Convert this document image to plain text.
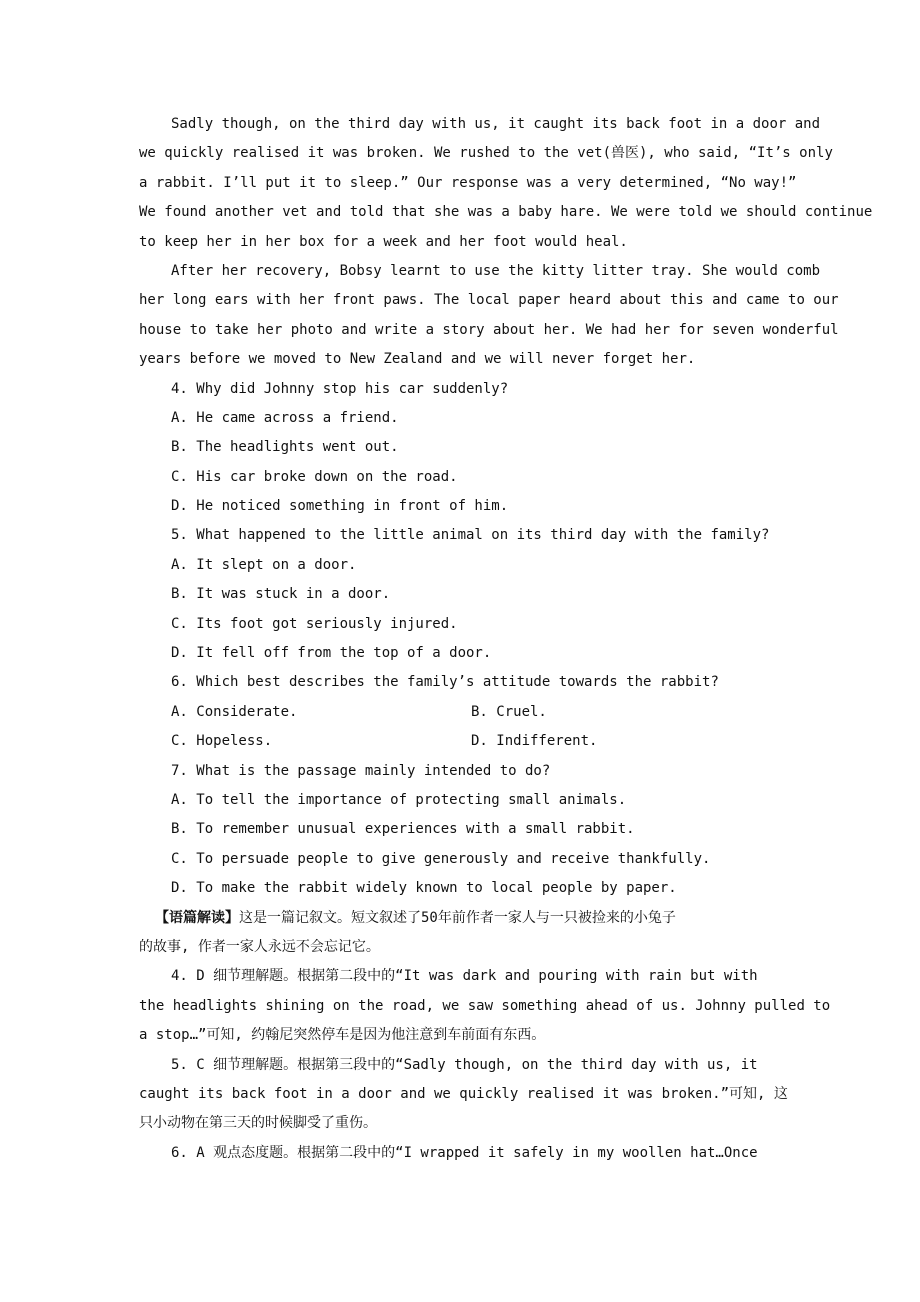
Sadly though, on the third day with us, it caught its back foot in a door and
we quickly realised it was broken. We rushed to the vet(兽医), who said, “It’s only
a rabbit. I’ll put it to sleep.” Our response was a very determined, “No way!”
We found another vet and told that she was a baby hare. We were told we should continue
to keep her in her box for a week and her foot would heal.
After her recovery, Bobsy learnt to use the kitty litter tray. She would comb
her long ears with her front paws. The local paper heard about this and came to our
house to take her photo and write a story about her. We had her for seven wonderful
years before we moved to New Zealand and we will never forget her.
4. Why did Johnny stop his car suddenly?
A. He came across a friend.
B. The headlights went out.
C. His car broke down on the road.
D. He noticed something in front of him.
5. What happened to the little animal on its third day with the family?
A. It slept on a door.
B. It was stuck in a door.
C. Its foot got seriously injured.
D. It fell off from the top of a door.
6. Which best describes the family’s attitude towards the rabbit?
A. Considerate.	B. Cruel.
C. Hopeless.	D. Indifferent.
7. What is the passage mainly intended to do?
A. To tell the importance of protecting small animals.
B. To remember unusual experiences with a small rabbit.
C. To persuade people to give generously and receive thankfully.
D. To make the rabbit widely known to local people by paper.
【语篇解读】这是一篇记叙文。短文叙述了50年前作者一家人与一只被捡来的小兔子
的故事, 作者一家人永远不会忘记它。
4. D 细节理解题。根据第二段中的“It was dark and pouring with rain but with
the headlights shining on the road, we saw something ahead of us. Johnny pulled to
a stop…”可知, 约翰尼突然停车是因为他注意到车前面有东西。
5. C 细节理解题。根据第三段中的“Sadly though, on the third day with us, it
caught its back foot in a door and we quickly realised it was broken.”可知, 这
只小动物在第三天的时候脚受了重伤。
6. A 观点态度题。根据第二段中的“I wrapped it safely in my woollen hat…Once
